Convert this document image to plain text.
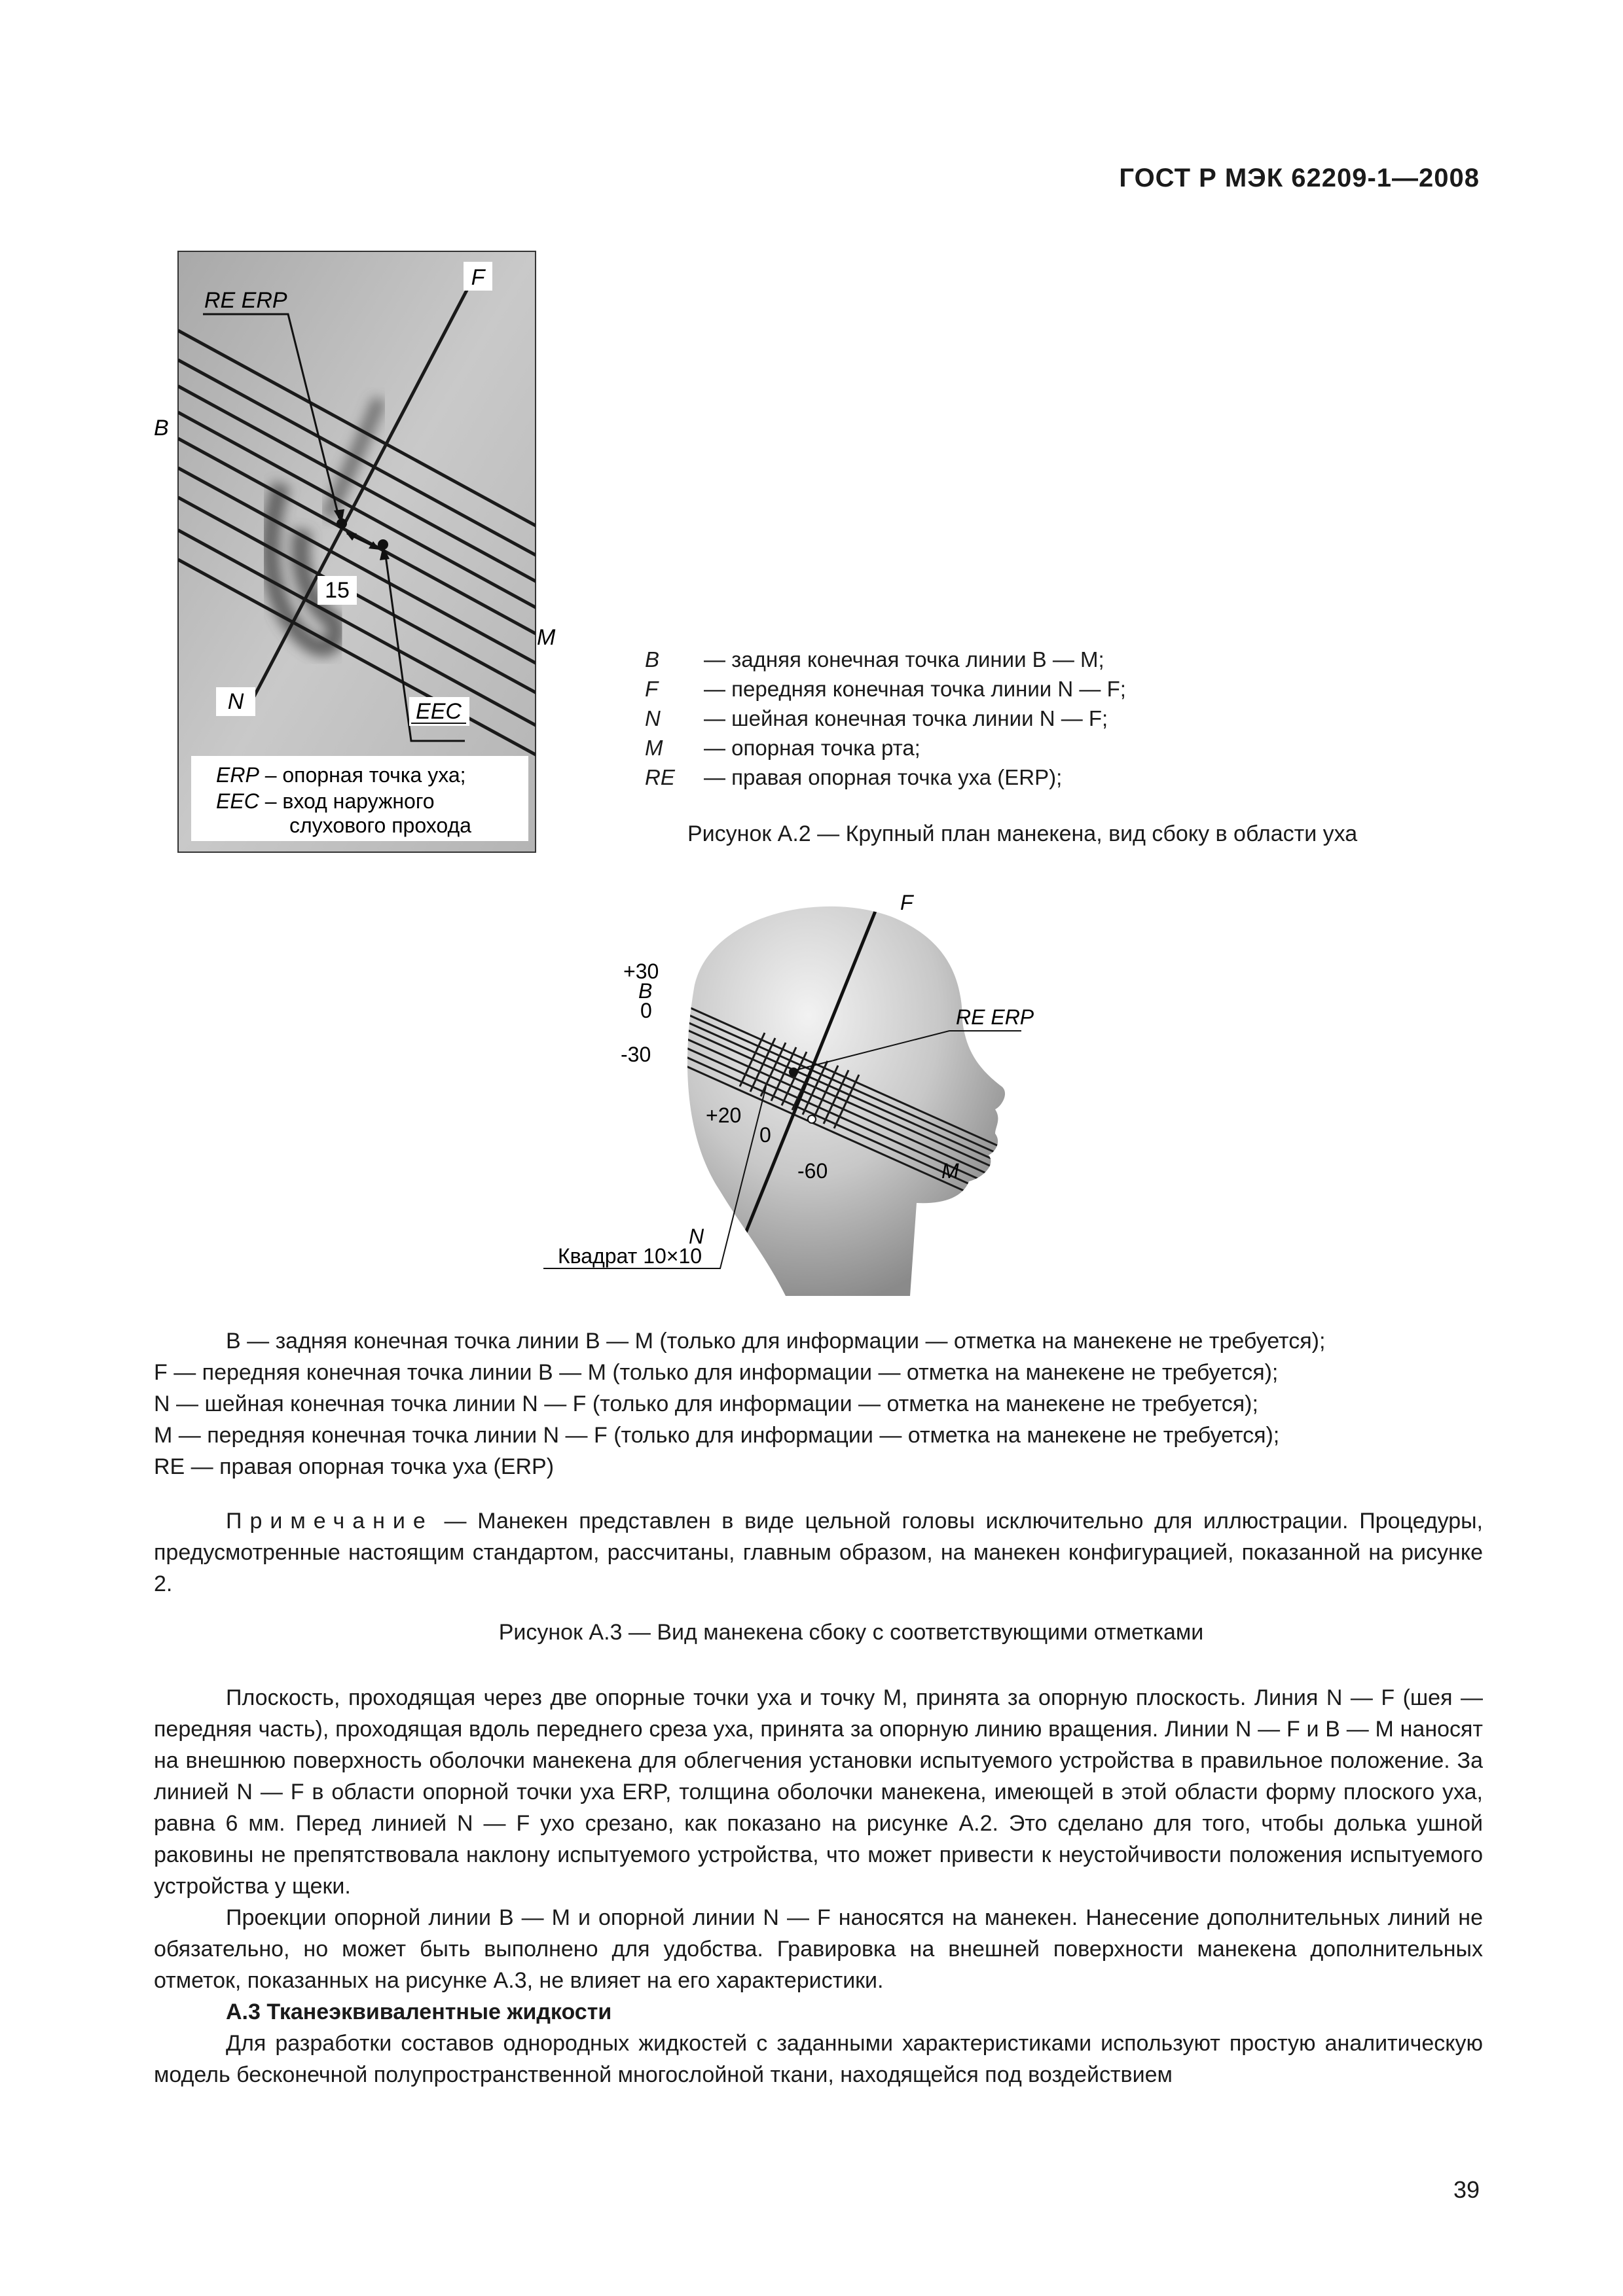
ГОСТ Р МЭК 62209-1—2008
F
RE ERP
B
15
M
N	EEC
ERP – опорная точка уха;
EEC – вход наружного
слухового прохода
B	— задняя конечная точка линии B — M;
F	— передняя конечная точка линии N — F;
N	— шейная конечная точка линии N — F;
M	— опорная точка рта;
RE	— правая опорная точка уха (ERP);
Рисунок А.2 — Крупный план манекена, вид сбоку в области уха
F
+30
B
0
-30
RE ERP
+20
0
-60	M
N
Квадрат 10×10
B — задняя конечная точка линии B — M (только для информации — отметка на манекене не требуется);
F — передняя конечная точка линии B — M (только для информации — отметка на манекене не требуется);
N — шейная конечная точка линии N — F (только для информации — отметка на манекене не требуется);
M — передняя конечная точка линии N — F (только для информации — отметка на манекене не требуется);
RE — правая опорная точка уха (ERP)
Примечание — Манекен представлен в виде цельной головы исключительно для иллюстрации. Процедуры, предусмотренные настоящим стандартом, рассчитаны, главным образом, на манекен конфигурацией, показанной на рисунке 2.
Рисунок А.3 — Вид манекена сбоку с соответствующими отметками

Плоскость, проходящая через две опорные точки уха и точку M, принята за опорную плоскость. Линия N — F (шея — передняя часть), проходящая вдоль переднего среза уха, принята за опорную линию вращения. Линии N — F и B — M наносят на внешнюю поверхность оболочки манекена для облегчения установки испытуемого устройства в правильное положение. За линией N — F в области опорной точки уха ERP, толщина оболочки манекена, имеющей в этой области форму плоского уха, равна 6 мм. Перед линией N — F ухо срезано, как показано на рисунке А.2. Это сделано для того, чтобы долька ушной раковины не препятствовала наклону испытуемого устройства, что может привести к неустойчивости положения испытуемого устройства у щеки.

Проекции опорной линии B — M и опорной линии N — F наносятся на манекен. Нанесение дополнительных линий не обязательно, но может быть выполнено для удобства. Гравировка на внешней поверхности манекена дополнительных отметок, показанных на рисунке А.3, не влияет на его характеристики.

А.3 Тканеэквивалентные жидкости

Для разработки составов однородных жидкостей с заданными характеристиками используют простую аналитическую модель бесконечной полупространственной многослойной ткани, находящейся под воздействием

39
